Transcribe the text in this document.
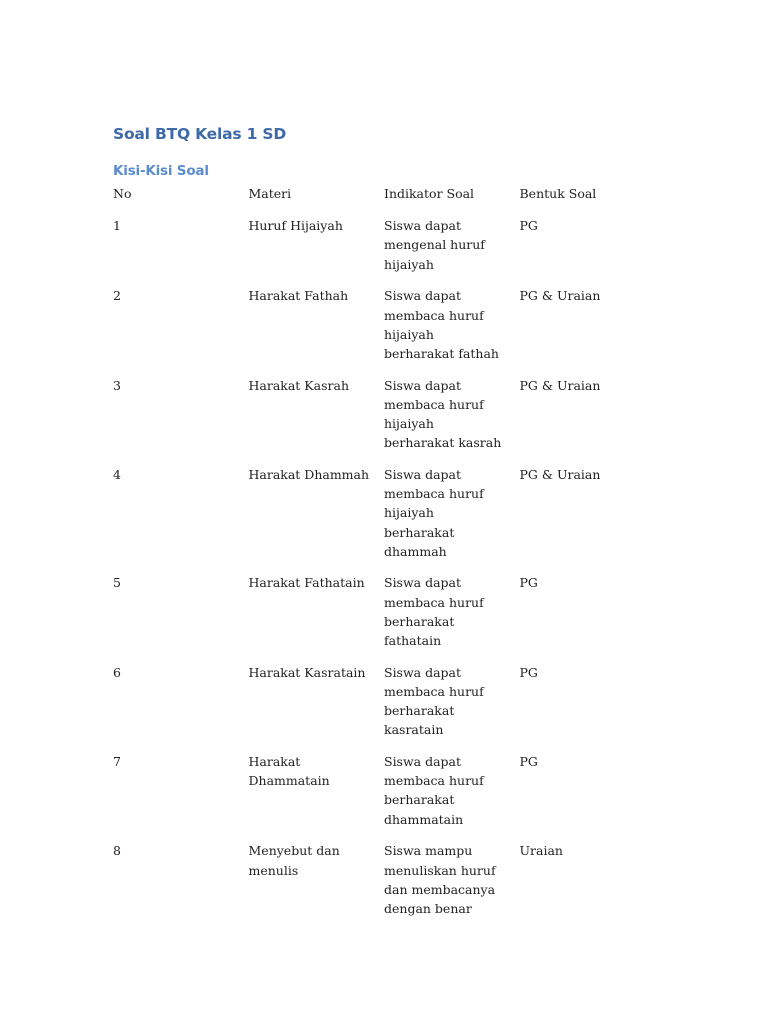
Soal BTQ Kelas 1 SD
Kisi-Kisi Soal
No	Materi	Indikator Soal	Bentuk Soal
1	Huruf Hijaiyah	Siswa dapat mengenal huruf hijaiyah	PG
2	Harakat Fathah	Siswa dapat membaca huruf hijaiyah berharakat fathah	PG & Uraian
3	Harakat Kasrah	Siswa dapat membaca huruf hijaiyah berharakat kasrah	PG & Uraian
4	Harakat Dhammah	Siswa dapat membaca huruf hijaiyah berharakat dhammah	PG & Uraian
5	Harakat Fathatain	Siswa dapat membaca huruf berharakat fathatain	PG
6	Harakat Kasratain	Siswa dapat membaca huruf berharakat kasratain	PG
7	Harakat Dhammatain	Siswa dapat membaca huruf berharakat dhammatain	PG
8	Menyebut dan menulis	Siswa mampu menuliskan huruf dan membacanya dengan benar	Uraian
